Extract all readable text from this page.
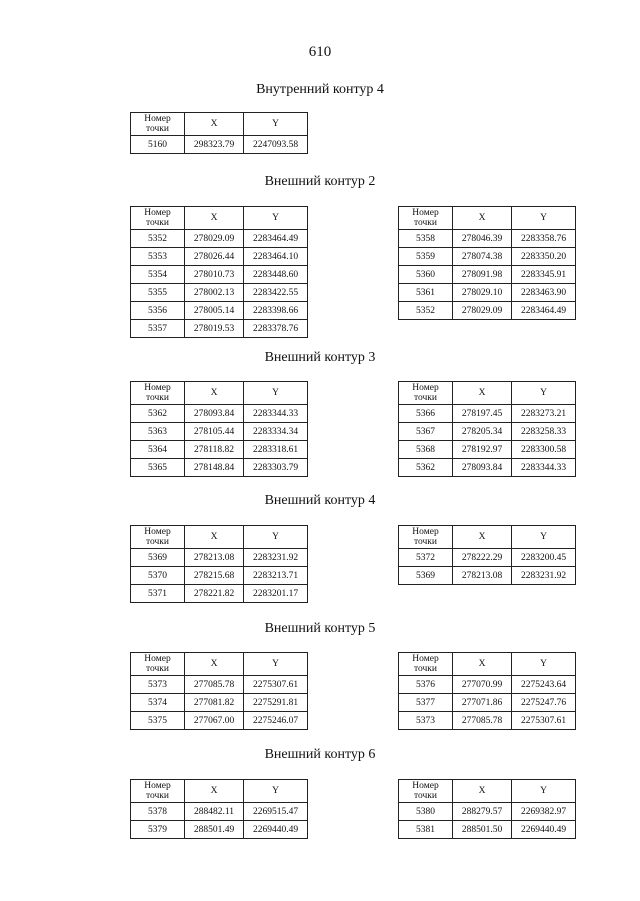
610
Внутренний контур 4
Номер
точки	X	Y
5160	298323.79	2247093.58
Внешний контур 2
Номер
точки	X	Y
5352	278029.09	2283464.49
5353	278026.44	2283464.10
5354	278010.73	2283448.60
5355	278002.13	2283422.55
5356	278005.14	2283398.66
5357	278019.53	2283378.76
Номер
точки	X	Y
5358	278046.39	2283358.76
5359	278074.38	2283350.20
5360	278091.98	2283345.91
5361	278029.10	2283463.90
5352	278029.09	2283464.49
Внешний контур 3
Номер
точки	X	Y
5362	278093.84	2283344.33
5363	278105.44	2283334.34
5364	278118.82	2283318.61
5365	278148.84	2283303.79
Номер
точки	X	Y
5366	278197.45	2283273.21
5367	278205.34	2283258.33
5368	278192.97	2283300.58
5362	278093.84	2283344.33
Внешний контур 4
Номер
точки	X	Y
5369	278213.08	2283231.92
5370	278215.68	2283213.71
5371	278221.82	2283201.17
Номер
точки	X	Y
5372	278222.29	2283200.45
5369	278213.08	2283231.92
Внешний контур 5
Номер
точки	X	Y
5373	277085.78	2275307.61
5374	277081.82	2275291.81
5375	277067.00	2275246.07
Номер
точки	X	Y
5376	277070.99	2275243.64
5377	277071.86	2275247.76
5373	277085.78	2275307.61
Внешний контур 6
Номер
точки	X	Y
5378	288482.11	2269515.47
5379	288501.49	2269440.49
Номер
точки	X	Y
5380	288279.57	2269382.97
5381	288501.50	2269440.49
